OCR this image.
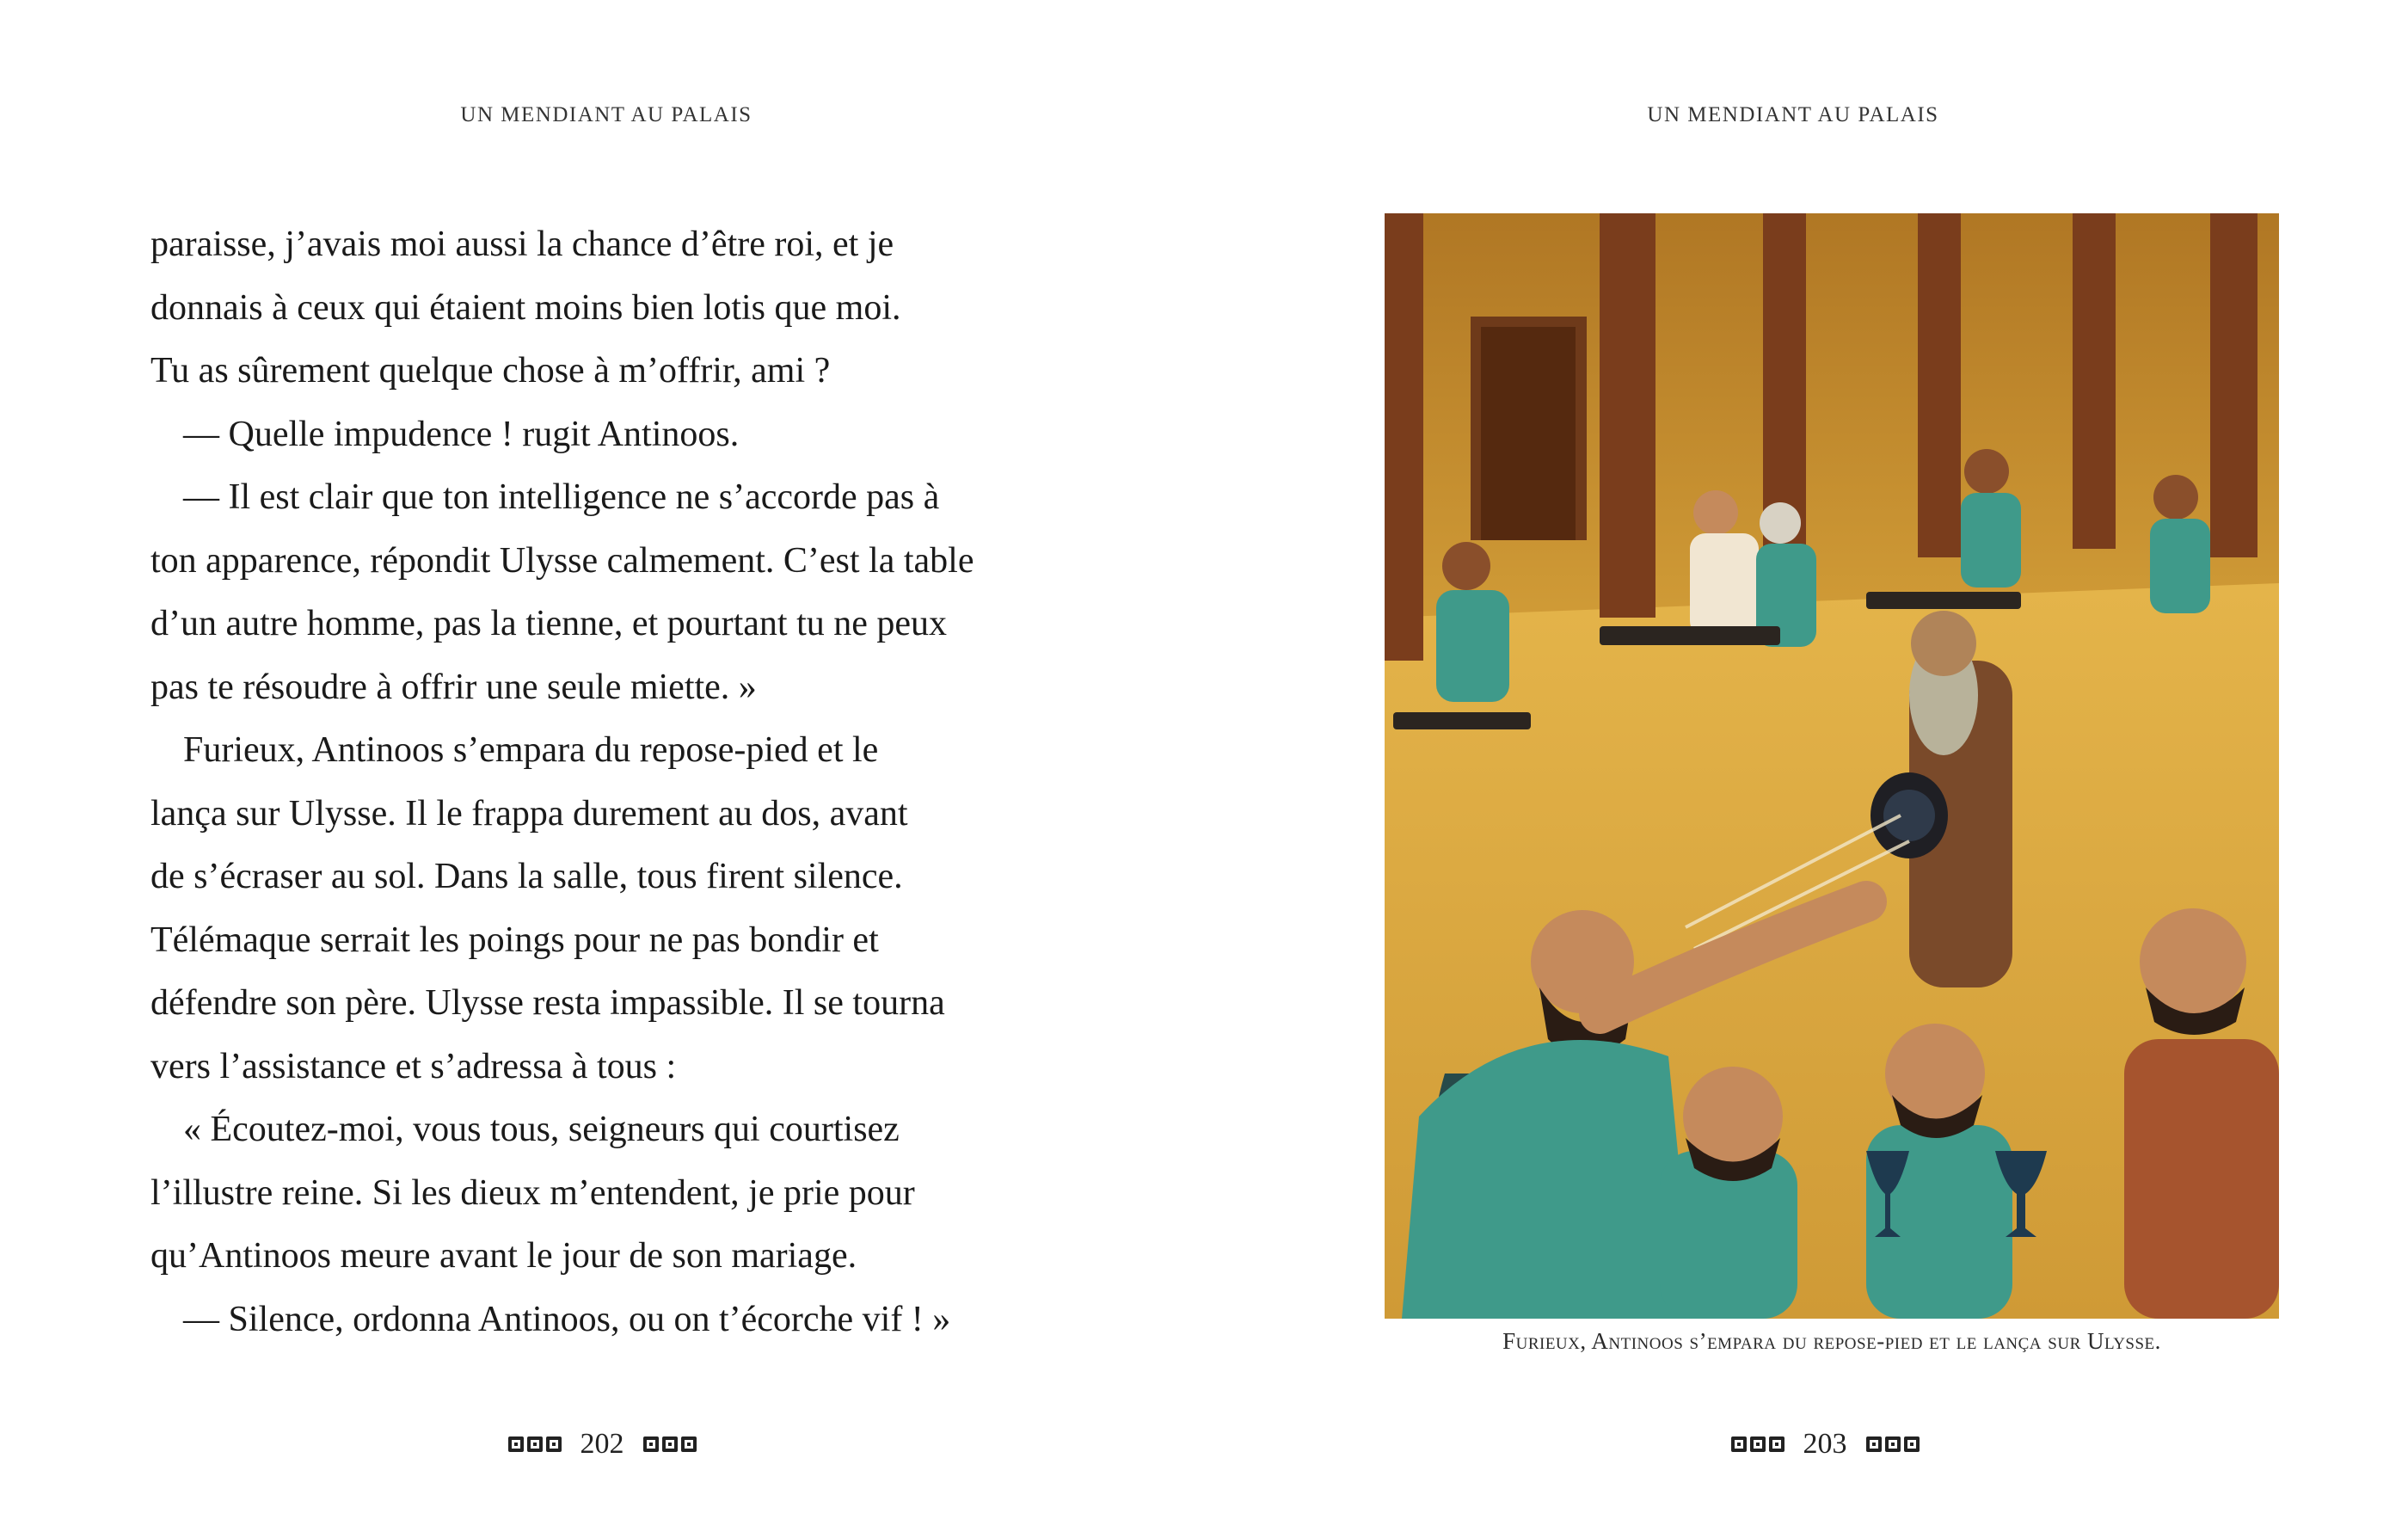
UN MENDIANT AU PALAIS

paraisse, j’avais moi aussi la chance d’être roi, et je

donnais à ceux qui étaient moins bien lotis que moi.

Tu as sûrement quelque chose à m’offrir, ami ?

— Quelle impudence ! rugit Antinoos.

— Il est clair que ton intelligence ne s’accorde pas à

ton apparence, répondit Ulysse calmement. C’est la table

d’un autre homme, pas la tienne, et pourtant tu ne peux

pas te résoudre à offrir une seule miette. »

Furieux, Antinoos s’empara du repose-pied et le

lança sur Ulysse. Il le frappa durement au dos, avant

de s’écraser au sol. Dans la salle, tous firent silence.

Télémaque serrait les poings pour ne pas bondir et

défendre son père. Ulysse resta impassible. Il se tourna

vers l’assistance et s’adressa à tous :

« Écoutez-moi, vous tous, seigneurs qui courtisez

l’illustre reine. Si les dieux m’entendent, je prie pour

qu’Antinoos meure avant le jour de son mariage.

— Silence, ordonna Antinoos, ou on t’écorche vif ! »

202
UN MENDIANT AU PALAIS
Furieux, Antinoos s’empara du repose-pied et le lança sur Ulysse.
203
